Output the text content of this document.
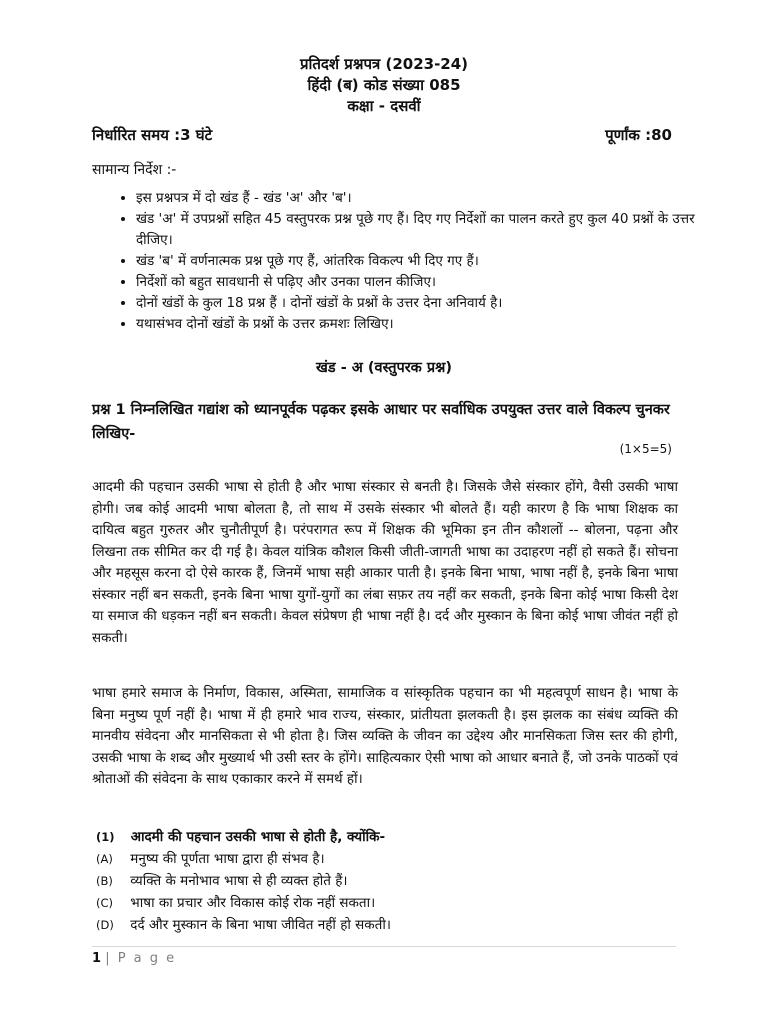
प्रतिदर्श प्रश्नपत्र (2023-24)
हिंदी (ब) कोड संख्या 085
कक्षा - दसवीं
निर्धारित समय :3 घंटे	पूर्णांक :80
सामान्य निर्देश :-
• इस प्रश्नपत्र में दो खंड हैं - खंड 'अ' और 'ब'।
• खंड 'अ' में उपप्रश्नों सहित 45 वस्तुपरक प्रश्न पूछे गए हैं। दिए गए निर्देशों का पालन करते हुए कुल 40 प्रश्नों के उत्तर दीजिए।
• खंड 'ब' में वर्णनात्मक प्रश्न पूछे गए हैं, आंतरिक विकल्प भी दिए गए हैं।
• निर्देशों को बहुत सावधानी से पढ़िए और उनका पालन कीजिए।
• दोनों खंडों के कुल 18 प्रश्न हैं । दोनों खंडों के प्रश्नों के उत्तर देना अनिवार्य है।
• यथासंभव दोनों खंडों के प्रश्नों के उत्तर क्रमशः लिखिए।
खंड - अ (वस्तुपरक प्रश्न)
प्रश्न 1 निम्नलिखित गद्यांश को ध्यानपूर्वक पढ़कर इसके आधार पर सर्वाधिक उपयुक्त उत्तर वाले विकल्प चुनकर लिखिए-
(1×5=5)

आदमी की पहचान उसकी भाषा से होती है और भाषा संस्कार से बनती है। जिसके जैसे संस्कार होंगे, वैसी उसकी भाषा होगी। जब कोई आदमी भाषा बोलता है, तो साथ में उसके संस्कार भी बोलते हैं। यही कारण है कि भाषा शिक्षक का दायित्व बहुत गुरुतर और चुनौतीपूर्ण है। परंपरागत रूप में शिक्षक की भूमिका इन तीन कौशलों -- बोलना, पढ़ना और लिखना तक सीमित कर दी गई है। केवल यांत्रिक कौशल किसी जीती-जागती भाषा का उदाहरण नहीं हो सकते हैं। सोचना और महसूस करना दो ऐसे कारक हैं, जिनमें भाषा सही आकार पाती है। इनके बिना भाषा, भाषा नहीं है, इनके बिना भाषा संस्कार नहीं बन सकती, इनके बिना भाषा युगों-युगों का लंबा सफ़र तय नहीं कर सकती, इनके बिना कोई भाषा किसी देश या समाज की धड़कन नहीं बन सकती। केवल संप्रेषण ही भाषा नहीं है। दर्द और मुस्कान के बिना कोई भाषा जीवंत नहीं हो सकती।

भाषा हमारे समाज के निर्माण, विकास, अस्मिता, सामाजिक व सांस्कृतिक पहचान का भी महत्वपूर्ण साधन है। भाषा के बिना मनुष्य पूर्ण नहीं है। भाषा में ही हमारे भाव राज्य, संस्कार, प्रांतीयता झलकती है। इस झलक का संबंध व्यक्ति की मानवीय संवेदना और मानसिकता से भी होता है। जिस व्यक्ति के जीवन का उद्देश्य और मानसिकता जिस स्तर की होगी, उसकी भाषा के शब्द और मुख्यार्थ भी उसी स्तर के होंगे। साहित्यकार ऐसी भाषा को आधार बनाते हैं, जो उनके पाठकों एवं श्रोताओं की संवेदना के साथ एकाकार करने में समर्थ हों।

(1) आदमी की पहचान उसकी भाषा से होती है, क्योंकि-
(A) मनुष्य की पूर्णता भाषा द्वारा ही संभव है।
(B) व्यक्ति के मनोभाव भाषा से ही व्यक्त होते हैं।
(C) भाषा का प्रचार और विकास कोई रोक नहीं सकता।
(D) दर्द और मुस्कान के बिना भाषा जीवित नहीं हो सकती।
1 | P a g e
